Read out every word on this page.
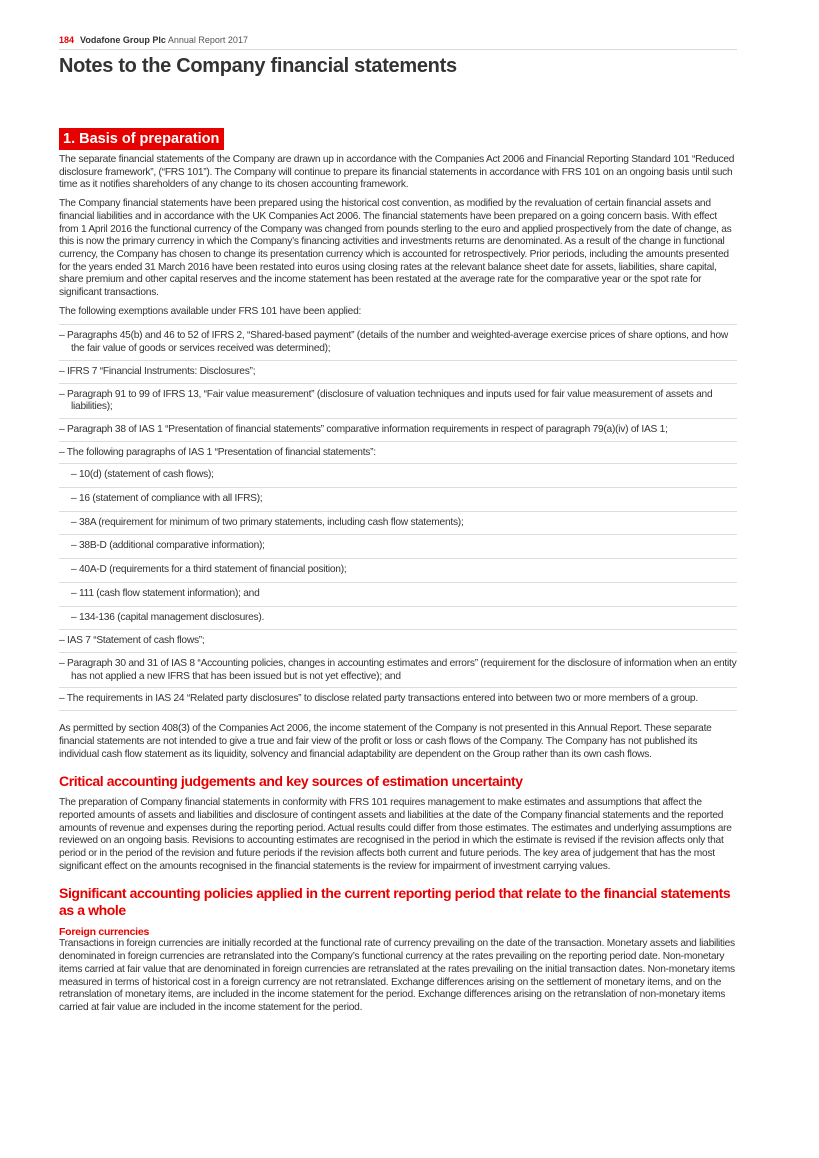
184 Vodafone Group Plc Annual Report 2017
Notes to the Company financial statements
1. Basis of preparation

The separate financial statements of the Company are drawn up in accordance with the Companies Act 2006 and Financial Reporting Standard 101 “Reduced disclosure framework”, (“FRS 101”). The Company will continue to prepare its financial statements in accordance with FRS 101 on an ongoing basis until such time as it notifies shareholders of any change to its chosen accounting framework.

The Company financial statements have been prepared using the historical cost convention, as modified by the revaluation of certain financial assets and financial liabilities and in accordance with the UK Companies Act 2006. The financial statements have been prepared on a going concern basis. With effect from 1 April 2016 the functional currency of the Company was changed from pounds sterling to the euro and applied prospectively from the date of change, as this is now the primary currency in which the Company’s financing activities and investments returns are denominated. As a result of the change in functional currency, the Company has chosen to change its presentation currency which is accounted for retrospectively. Prior periods, including the amounts presented for the years ended 31 March 2016 have been restated into euros using closing rates at the relevant balance sheet date for assets, liabilities, share capital, share premium and other capital reserves and the income statement has been restated at the average rate for the comparative year or the spot rate for significant transactions.

The following exemptions available under FRS 101 have been applied:

– Paragraphs 45(b) and 46 to 52 of IFRS 2, “Shared-based payment” (details of the number and weighted-average exercise prices of share options, and how the fair value of goods or services received was determined);
– IFRS 7 “Financial Instruments: Disclosures”;
– Paragraph 91 to 99 of IFRS 13, “Fair value measurement” (disclosure of valuation techniques and inputs used for fair value measurement of assets and liabilities);
– Paragraph 38 of IAS 1 “Presentation of financial statements” comparative information requirements in respect of paragraph 79(a)(iv) of IAS 1;
– The following paragraphs of IAS 1 “Presentation of financial statements”:
– 10(d) (statement of cash flows);
– 16 (statement of compliance with all IFRS);
– 38A (requirement for minimum of two primary statements, including cash flow statements);
– 38B-D (additional comparative information);
– 40A-D (requirements for a third statement of financial position);
– 111 (cash flow statement information); and
– 134-136 (capital management disclosures).
– IAS 7 “Statement of cash flows”;
– Paragraph 30 and 31 of IAS 8 “Accounting policies, changes in accounting estimates and errors” (requirement for the disclosure of information when an entity has not applied a new IFRS that has been issued but is not yet effective); and
– The requirements in IAS 24 “Related party disclosures” to disclose related party transactions entered into between two or more members of a group.

As permitted by section 408(3) of the Companies Act 2006, the income statement of the Company is not presented in this Annual Report. These separate financial statements are not intended to give a true and fair view of the profit or loss or cash flows of the Company. The Company has not published its individual cash flow statement as its liquidity, solvency and financial adaptability are dependent on the Group rather than its own cash flows.

Critical accounting judgements and key sources of estimation uncertainty

The preparation of Company financial statements in conformity with FRS 101 requires management to make estimates and assumptions that affect the reported amounts of assets and liabilities and disclosure of contingent assets and liabilities at the date of the Company financial statements and the reported amounts of revenue and expenses during the reporting period. Actual results could differ from those estimates. The estimates and underlying assumptions are reviewed on an ongoing basis. Revisions to accounting estimates are recognised in the period in which the estimate is revised if the revision affects only that period or in the period of the revision and future periods if the revision affects both current and future periods. The key area of judgement that has the most significant effect on the amounts recognised in the financial statements is the review for impairment of investment carrying values.

Significant accounting policies applied in the current reporting period that relate to the financial statements as a whole
Foreign currencies

Transactions in foreign currencies are initially recorded at the functional rate of currency prevailing on the date of the transaction. Monetary assets and liabilities denominated in foreign currencies are retranslated into the Company’s functional currency at the rates prevailing on the reporting period date. Non-monetary items carried at fair value that are denominated in foreign currencies are retranslated at the rates prevailing on the initial transaction dates. Non-monetary items measured in terms of historical cost in a foreign currency are not retranslated. Exchange differences arising on the settlement of monetary items, and on the retranslation of monetary items, are included in the income statement for the period. Exchange differences arising on the retranslation of non-monetary items carried at fair value are included in the income statement for the period.
